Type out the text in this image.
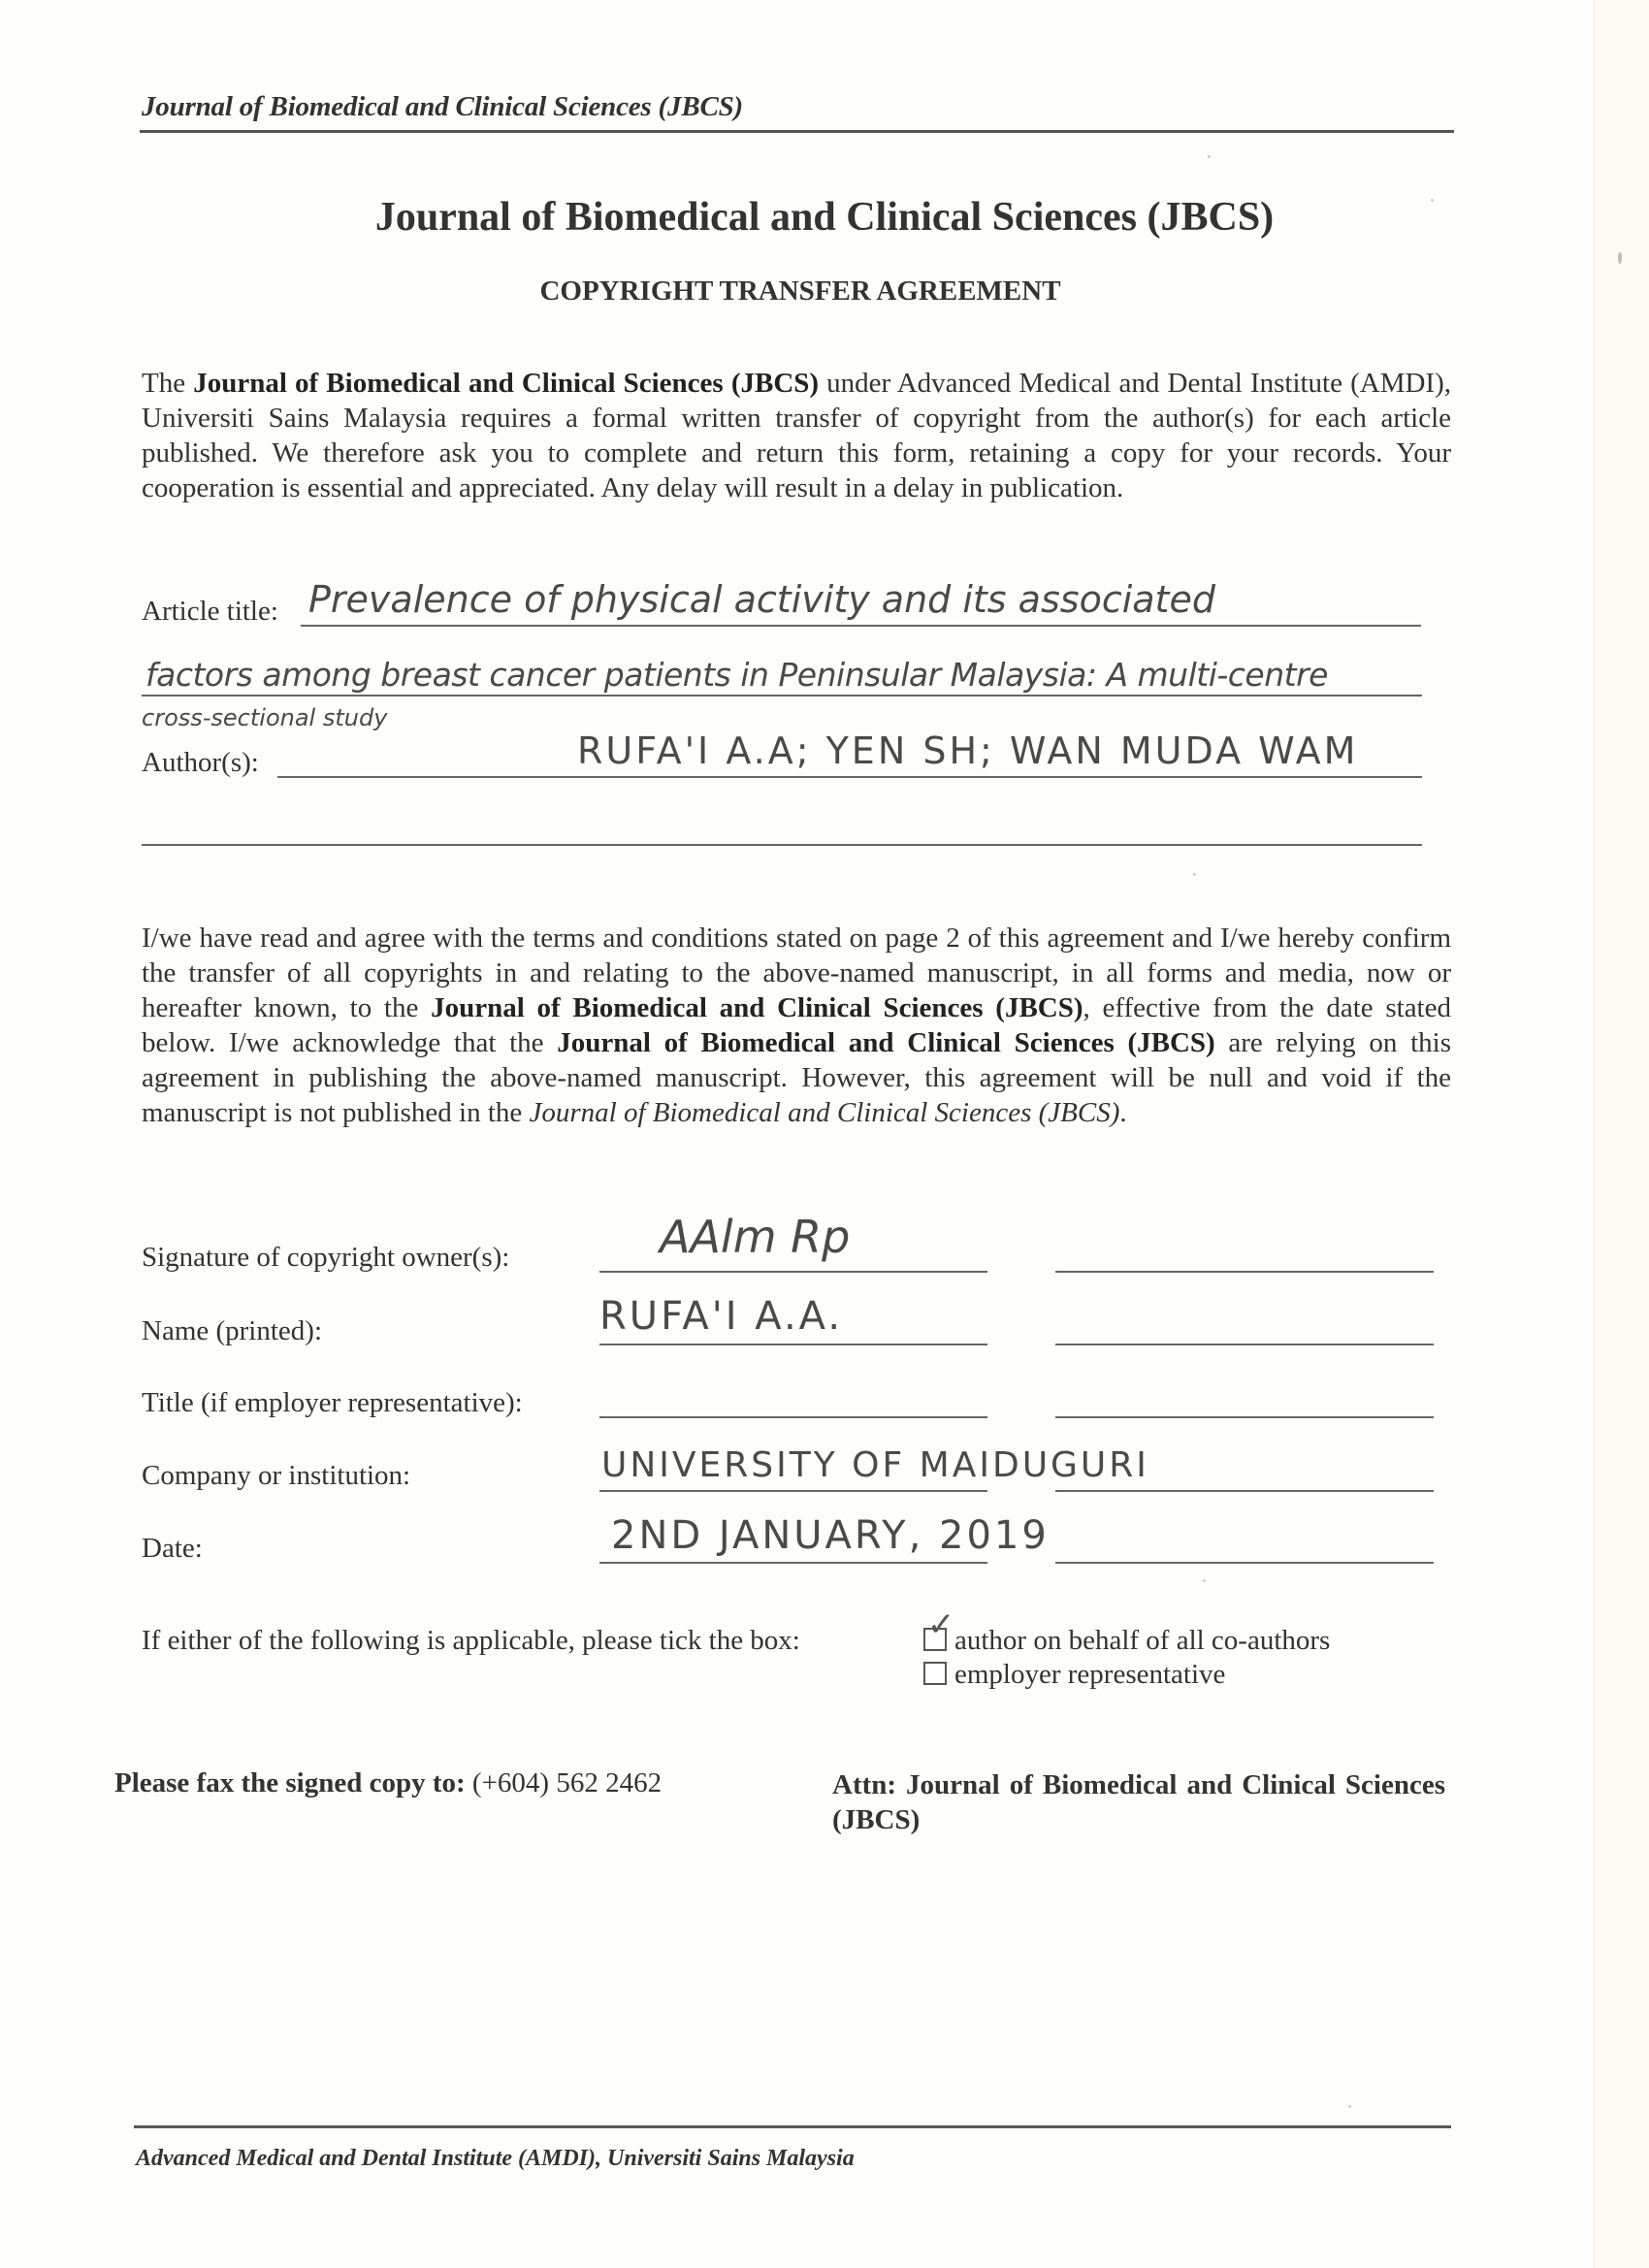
Journal of Biomedical and Clinical Sciences (JBCS)
Journal of Biomedical and Clinical Sciences (JBCS)
COPYRIGHT TRANSFER AGREEMENT
The Journal of Biomedical and Clinical Sciences (JBCS) under Advanced Medical and Dental Institute (AMDI), Universiti Sains Malaysia requires a formal written transfer of copyright from the author(s) for each article published. We therefore ask you to complete and return this form, retaining a copy for your records. Your cooperation is essential and appreciated. Any delay will result in a delay in publication.
Article title: Prevalence of physical activity and its associated
factors among breast cancer patients in Peninsular Malaysia: A multi-centre
cross-sectional study
Author(s):	RUFA'I A.A; YEN SH; WAN MUDA WAM
I/we have read and agree with the terms and conditions stated on page 2 of this agreement and I/we hereby confirm the transfer of all copyrights in and relating to the above-named manuscript, in all forms and media, now or hereafter known, to the Journal of Biomedical and Clinical Sciences (JBCS), effective from the date stated below. I/we acknowledge that the Journal of Biomedical and Clinical Sciences (JBCS) are relying on this agreement in publishing the above-named manuscript. However, this agreement will be null and void if the manuscript is not published in the Journal of Biomedical and Clinical Sciences (JBCS).
Signature of copyright owner(s):	AAlm Rp
Name (printed):	RUFA'I A.A.
Title (if employer representative):
Company or institution:	UNIVERSITY OF MAIDUGURI
Date:	2ND JANUARY, 2019
If either of the following is applicable, please tick the box:	✓ author on behalf of all co-authors
employer representative
Please fax the signed copy to: (+604) 562 2462	Attn: Journal of Biomedical and Clinical Sciences (JBCS)
Advanced Medical and Dental Institute (AMDI), Universiti Sains Malaysia
